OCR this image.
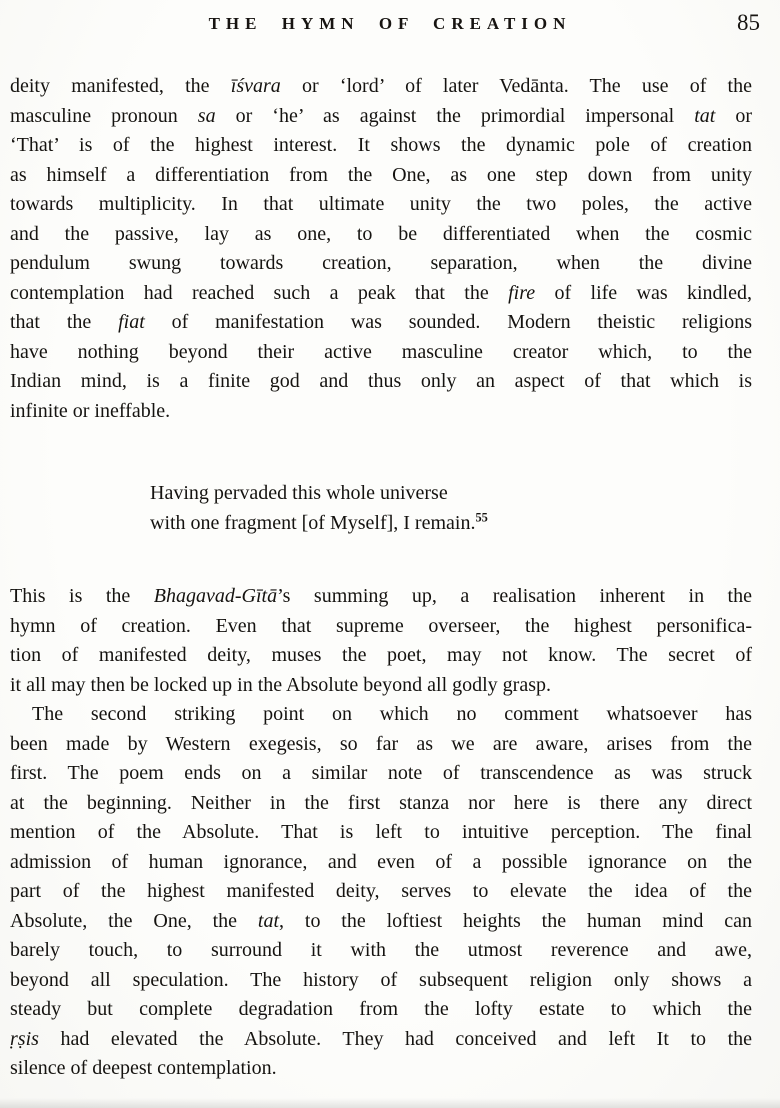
THE HYMN OF CREATION	85
deity manifested, the īśvara or ‘lord’ of later Vedānta. The use of the
masculine pronoun sa or ‘he’ as against the primordial impersonal tat or
‘That’ is of the highest interest. It shows the dynamic pole of creation
as himself a differentiation from the One, as one step down from unity
towards multiplicity. In that ultimate unity the two poles, the active
and the passive, lay as one, to be differentiated when the cosmic
pendulum swung towards creation, separation, when the divine
contemplation had reached such a peak that the fire of life was kindled,
that the fiat of manifestation was sounded. Modern theistic religions
have nothing beyond their active masculine creator which, to the
Indian mind, is a finite god and thus only an aspect of that which is
infinite or ineffable.
Having pervaded this whole universe
with one fragment [of Myself], I remain.$^{55}$
This is the Bhagavad-Gītā’s summing up, a realisation inherent in the
hymn of creation. Even that supreme overseer, the highest personifica-
tion of manifested deity, muses the poet, may not know. The secret of
it all may then be locked up in the Absolute beyond all godly grasp.
The second striking point on which no comment whatsoever has
been made by Western exegesis, so far as we are aware, arises from the
first. The poem ends on a similar note of transcendence as was struck
at the beginning. Neither in the first stanza nor here is there any direct
mention of the Absolute. That is left to intuitive perception. The final
admission of human ignorance, and even of a possible ignorance on the
part of the highest manifested deity, serves to elevate the idea of the
Absolute, the One, the tat, to the loftiest heights the human mind can
barely touch, to surround it with the utmost reverence and awe,
beyond all speculation. The history of subsequent religion only shows a
steady but complete degradation from the lofty estate to which the
ṛṣis had elevated the Absolute. They had conceived and left It to the
silence of deepest contemplation.
